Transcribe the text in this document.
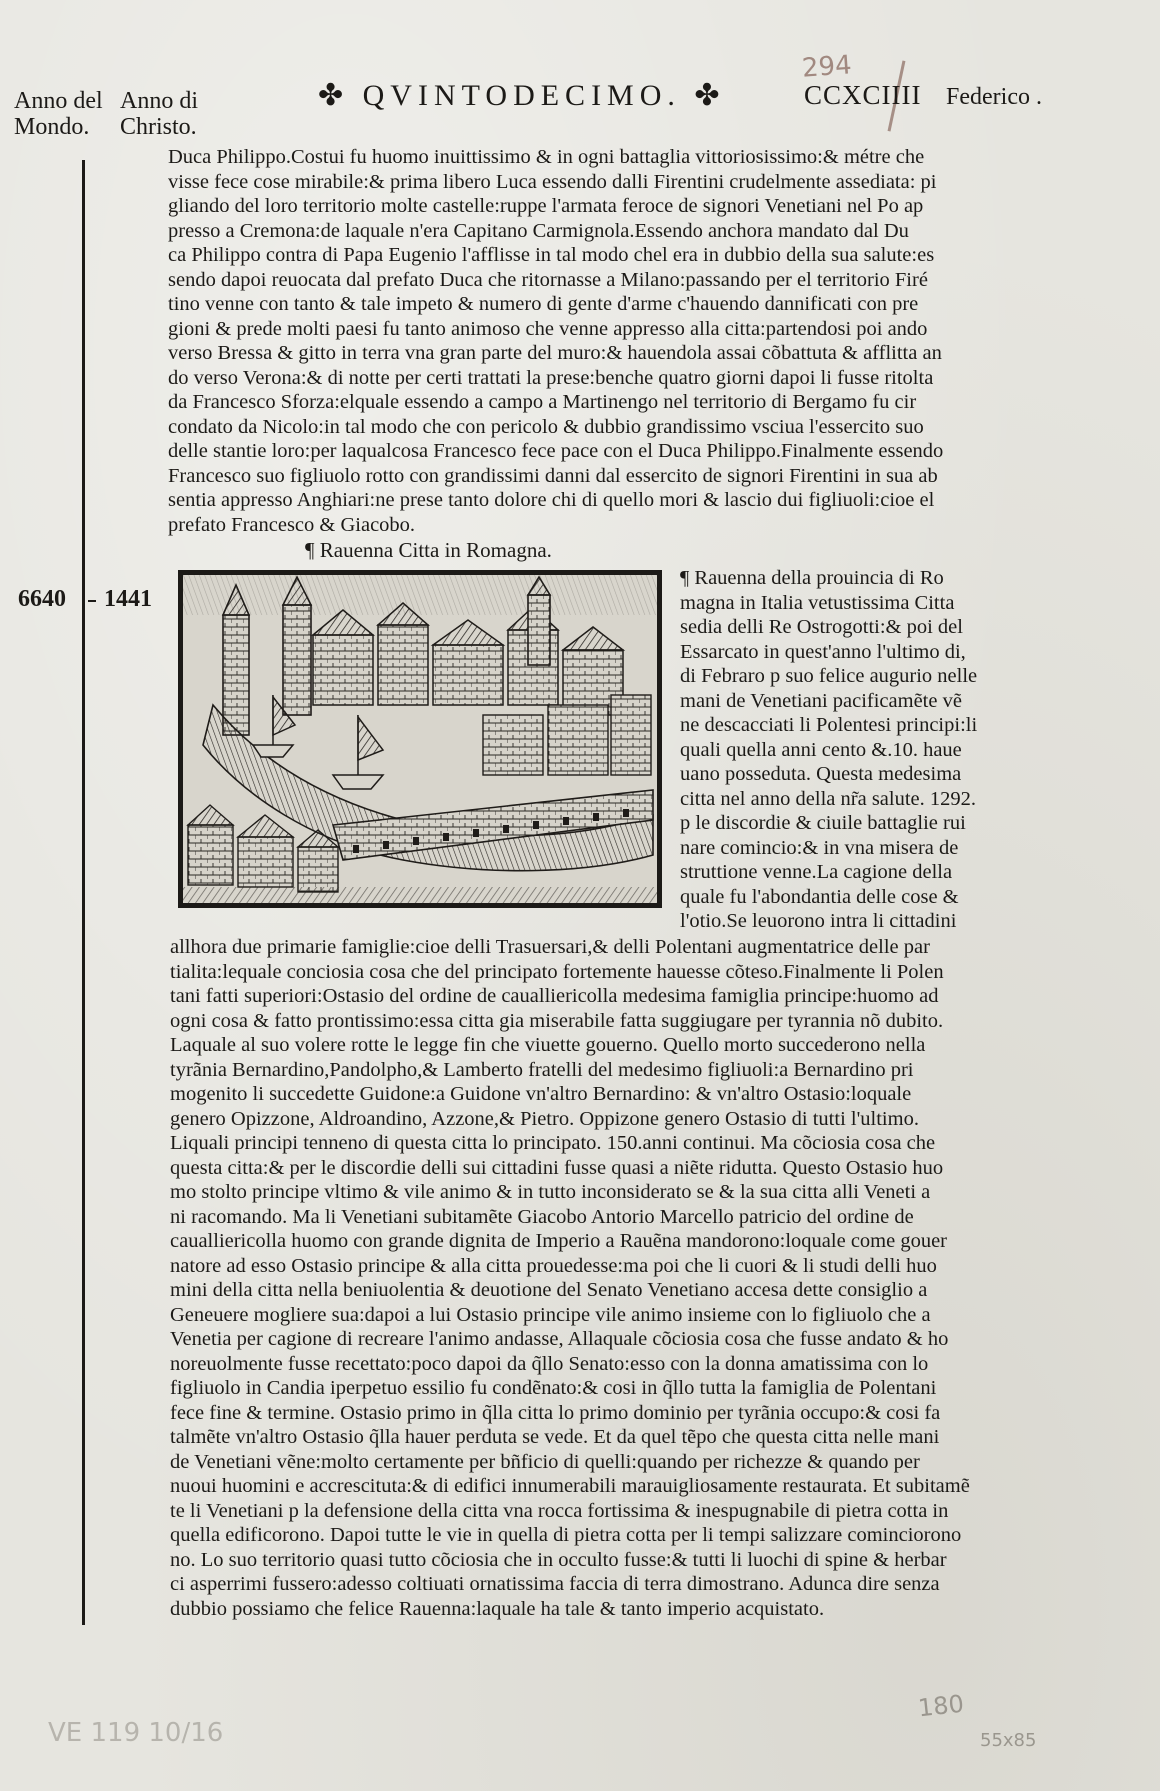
294
Anno del
Mondo.
Anno di
Christo.
✤ QVINTODECIMO. ✤	CCXCIIII Federico .
6640 1441
Duca Philippo.Costui fu huomo inuittissimo & in ogni battaglia vittoriosissimo:& métre che
visse fece cose mirabile:& prima libero Luca essendo dalli Firentini crudelmente assediata: pi
gliando del loro territorio molte castelle:ruppe l'armata feroce de signori Venetiani nel Po ap
presso a Cremona:de laquale n'era Capitano Carmignola.Essendo anchora mandato dal Du
ca Philippo contra di Papa Eugenio l'afflisse in tal modo chel era in dubbio della sua salute:es
sendo dapoi reuocata dal prefato Duca che ritornasse a Milano:passando per el territorio Firé
tino venne con tanto & tale impeto & numero di gente d'arme c'hauendo dannificati con pre
gioni & prede molti paesi fu tanto animoso che venne appresso alla citta:partendosi poi ando
verso Bressa & gitto in terra vna gran parte del muro:& hauendola assai cõbattuta & afflitta an
do verso Verona:& di notte per certi trattati la prese:benche quatro giorni dapoi li fusse ritolta
da Francesco Sforza:elquale essendo a campo a Martinengo nel territorio di Bergamo fu cir
condato da Nicolo:in tal modo che con pericolo & dubbio grandissimo vsciua l'essercito suo
delle stantie loro:per laqualcosa Francesco fece pace con el Duca Philippo.Finalmente essendo
Francesco suo figliuolo rotto con grandissimi danni dal essercito de signori Firentini in sua ab
sentia appresso Anghiari:ne prese tanto dolore chi di quello mori & lascio dui figliuoli:cioe el
prefato Francesco & Giacobo.
¶ Rauenna Citta in Romagna.
¶ Rauenna della prouincia di Ro
magna in Italia vetustissima Citta
sedia delli Re Ostrogotti:& poi del
Essarcato in quest'anno l'ultimo di,
di Febraro p suo felice augurio nelle
mani de Venetiani pacificamẽte vẽ
ne descacciati li Polentesi principi:li
quali quella anni cento &.10. haue
uano posseduta. Questa medesima
citta nel anno della nr̃a salute. 1292.
p le discordie & ciuile battaglie rui
nare comincio:& in vna misera de
struttione venne.La cagione della
quale fu l'abondantia delle cose &
l'otio.Se leuorono intra li cittadini
allhora due primarie famiglie:cioe delli Trasuersari,& delli Polentani augmentatrice delle par
tialita:lequale conciosia cosa che del principato fortemente hauesse cõteso.Finalmente li Polen
tani fatti superiori:Ostasio del ordine de caualliericolla medesima famiglia principe:huomo ad
ogni cosa & fatto prontissimo:essa citta gia miserabile fatta suggiugare per tyrannia nõ dubito.
Laquale al suo volere rotte le legge fin che viuette gouerno. Quello morto succederono nella
tyrãnia Bernardino,Pandolpho,& Lamberto fratelli del medesimo figliuoli:a Bernardino pri
mogenito li succedette Guidone:a Guidone vn'altro Bernardino: & vn'altro Ostasio:loquale
genero Opizzone, Aldroandino, Azzone,& Pietro. Oppizone genero Ostasio di tutti l'ultimo.
Liquali principi tenneno di questa citta lo principato. 150.anni continui. Ma cõciosia cosa che
questa citta:& per le discordie delli sui cittadini fusse quasi a niẽte ridutta. Questo Ostasio huo
mo stolto principe vltimo & vile animo & in tutto inconsiderato se & la sua citta alli Veneti a
ni racomando. Ma li Venetiani subitamẽte Giacobo Antorio Marcello patricio del ordine de
caualliericolla huomo con grande dignita de Imperio a Rauẽna mandorono:loquale come gouer
natore ad esso Ostasio principe & alla citta prouedesse:ma poi che li cuori & li studi delli huo
mini della citta nella beniuolentia & deuotione del Senato Venetiano accesa dette consiglio a
Geneuere mogliere sua:dapoi a lui Ostasio principe vile animo insieme con lo figliuolo che a
Venetia per cagione di recreare l'animo andasse, Allaquale cõciosia cosa che fusse andato & ho
noreuolmente fusse recettato:poco dapoi da q̃llo Senato:esso con la donna amatissima con lo
figliuolo in Candia iperpetuo essilio fu condẽnato:& cosi in q̃llo tutta la famiglia de Polentani
fece fine & termine. Ostasio primo in q̃lla citta lo primo dominio per tyrãnia occupo:& cosi fa
talmẽte vn'altro Ostasio q̃lla hauer perduta se vede. Et da quel tẽpo che questa citta nelle mani
de Venetiani vẽne:molto certamente per bñficio di quelli:quando per richezze & quando per
nuoui huomini e accrescituta:& di edifici innumerabili marauigliosamente restaurata. Et subitamẽ
te li Venetiani p la defensione della citta vna rocca fortissima & inespugnabile di pietra cotta in
quella edificorono. Dapoi tutte le vie in quella di pietra cotta per li tempi salizzare cominciorono
no. Lo suo territorio quasi tutto cõciosia che in occulto fusse:& tutti li luochi di spine & herbar
ci asperrimi fussero:adesso coltiuati ornatissima faccia di terra dimostrano. Adunca dire senza
dubbio possiamo che felice Rauenna:laquale ha tale & tanto imperio acquistato.
180
55x85
VE 119 10/16
